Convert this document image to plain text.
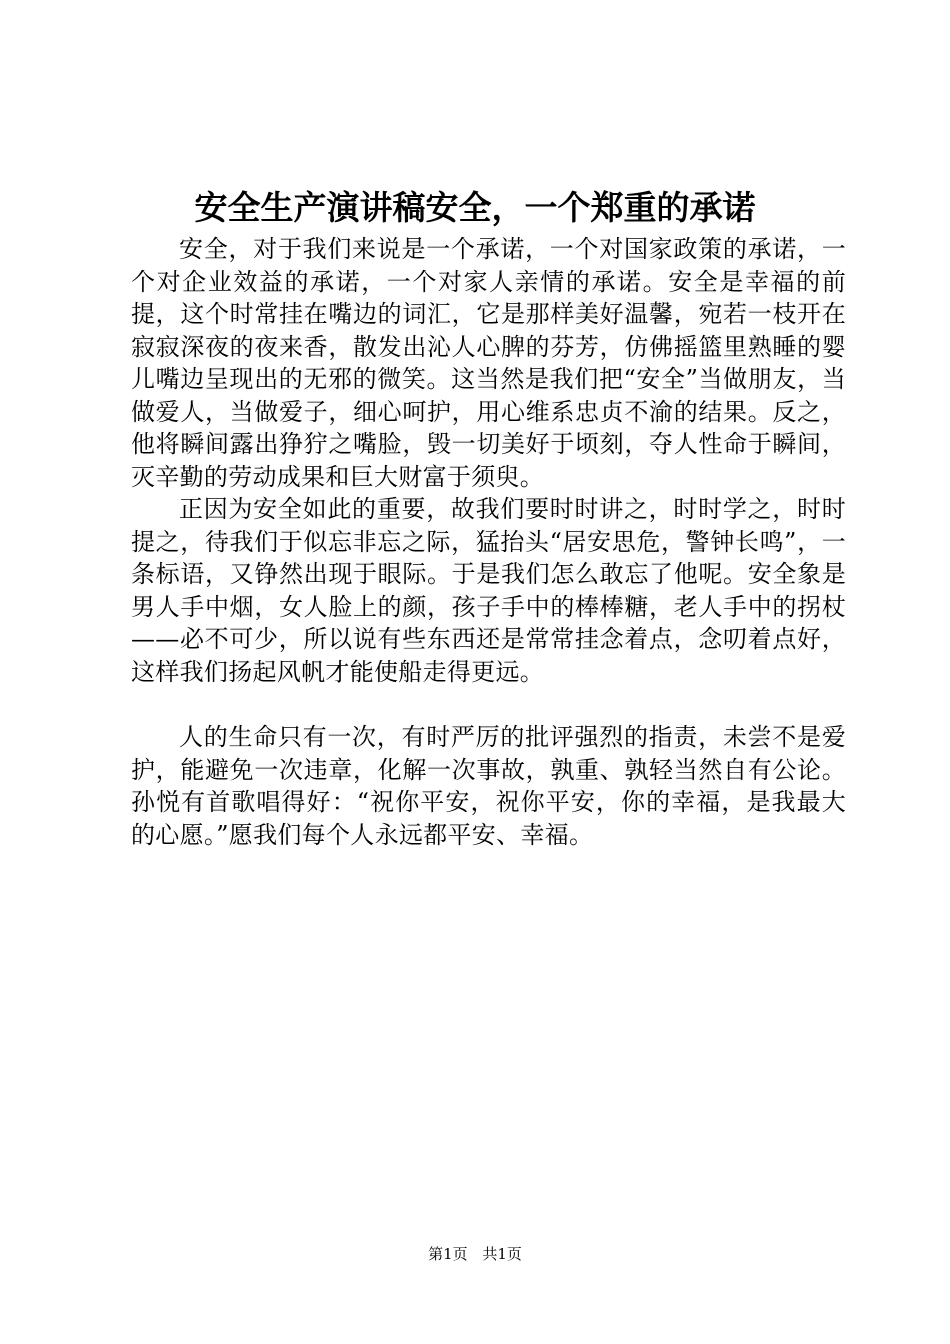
安全生产演讲稿安全，一个郑重的承诺

安全，对于我们来说是一个承诺，一个对国家政策的承诺，一个对企业效益的承诺，一个对家人亲情的承诺。安全是幸福的前提，这个时常挂在嘴边的词汇，它是那样美好温馨，宛若一枝开在寂寂深夜的夜来香，散发出沁人心脾的芬芳，仿佛摇篮里熟睡的婴儿嘴边呈现出的无邪的微笑。这当然是我们把“安全”当做朋友，当做爱人，当做爱子，细心呵护，用心维系忠贞不渝的结果。反之，他将瞬间露出狰狞之嘴脸，毁一切美好于顷刻，夺人性命于瞬间，灭辛勤的劳动成果和巨大财富于须臾。

正因为安全如此的重要，故我们要时时讲之，时时学之，时时提之，待我们于似忘非忘之际，猛抬头“居安思危，警钟长鸣”，一条标语，又铮然出现于眼际。于是我们怎么敢忘了他呢。安全象是男人手中烟，女人脸上的颜，孩子手中的棒棒糖，老人手中的拐杖——必不可少，所以说有些东西还是常常挂念着点，念叨着点好，这样我们扬起风帆才能使船走得更远。

人的生命只有一次，有时严厉的批评强烈的指责，未尝不是爱护，能避免一次违章，化解一次事故，孰重、孰轻当然自有公论。孙悦有首歌唱得好：“祝你平安，祝你平安，你的幸福，是我最大的心愿。”愿我们每个人永远都平安、幸福。

第1页 共1页
